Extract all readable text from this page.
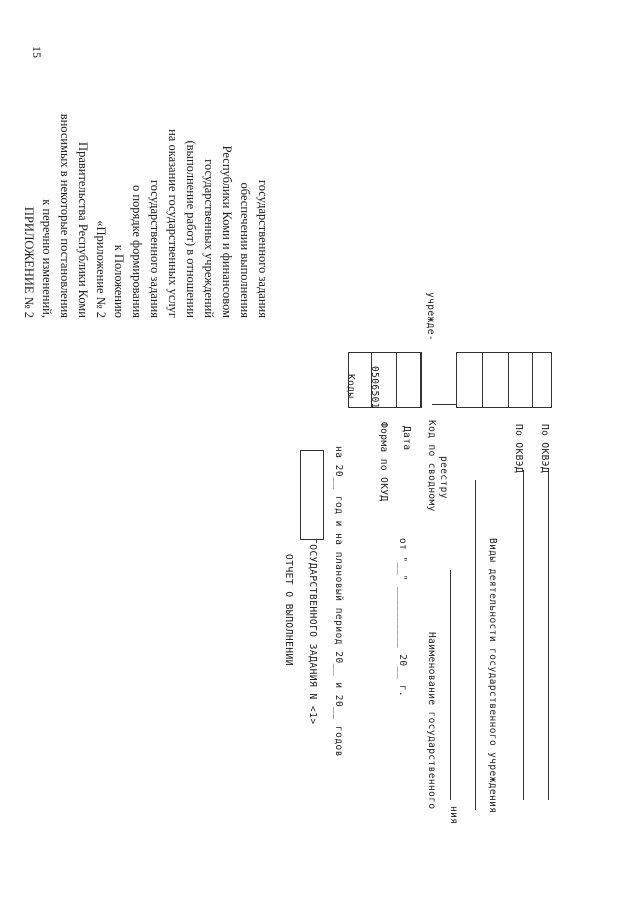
15
государственного задания
обеспечении выполнения
Республики Коми и финансовом
государственных учреждений
(выполнение работ) в отношении
на оказание государственных услуг
государственного задания
о порядке формирования
к Положению
«Приложение № 2
Правительства Республики Коми
вносимых в некоторые постановления
к перечню изменений,
ПРИЛОЖЕНИЕ № 2
ОТЧЕТ О ВЫПОЛНЕНИИ ГОСУДАРСТВЕННОГО ЗАДАНИЯ N <1> на 20__ год и на плановый период 20__ и 20__ годов	от "__" __________ 20__ г.
Наименование государственного
ния
Виды деятельности государственного учреждения
Форма по ОКУД Дата Код по сводному реестру
учрежде-
По ОКВЭД По ОКВЭД
Коды 0506501
